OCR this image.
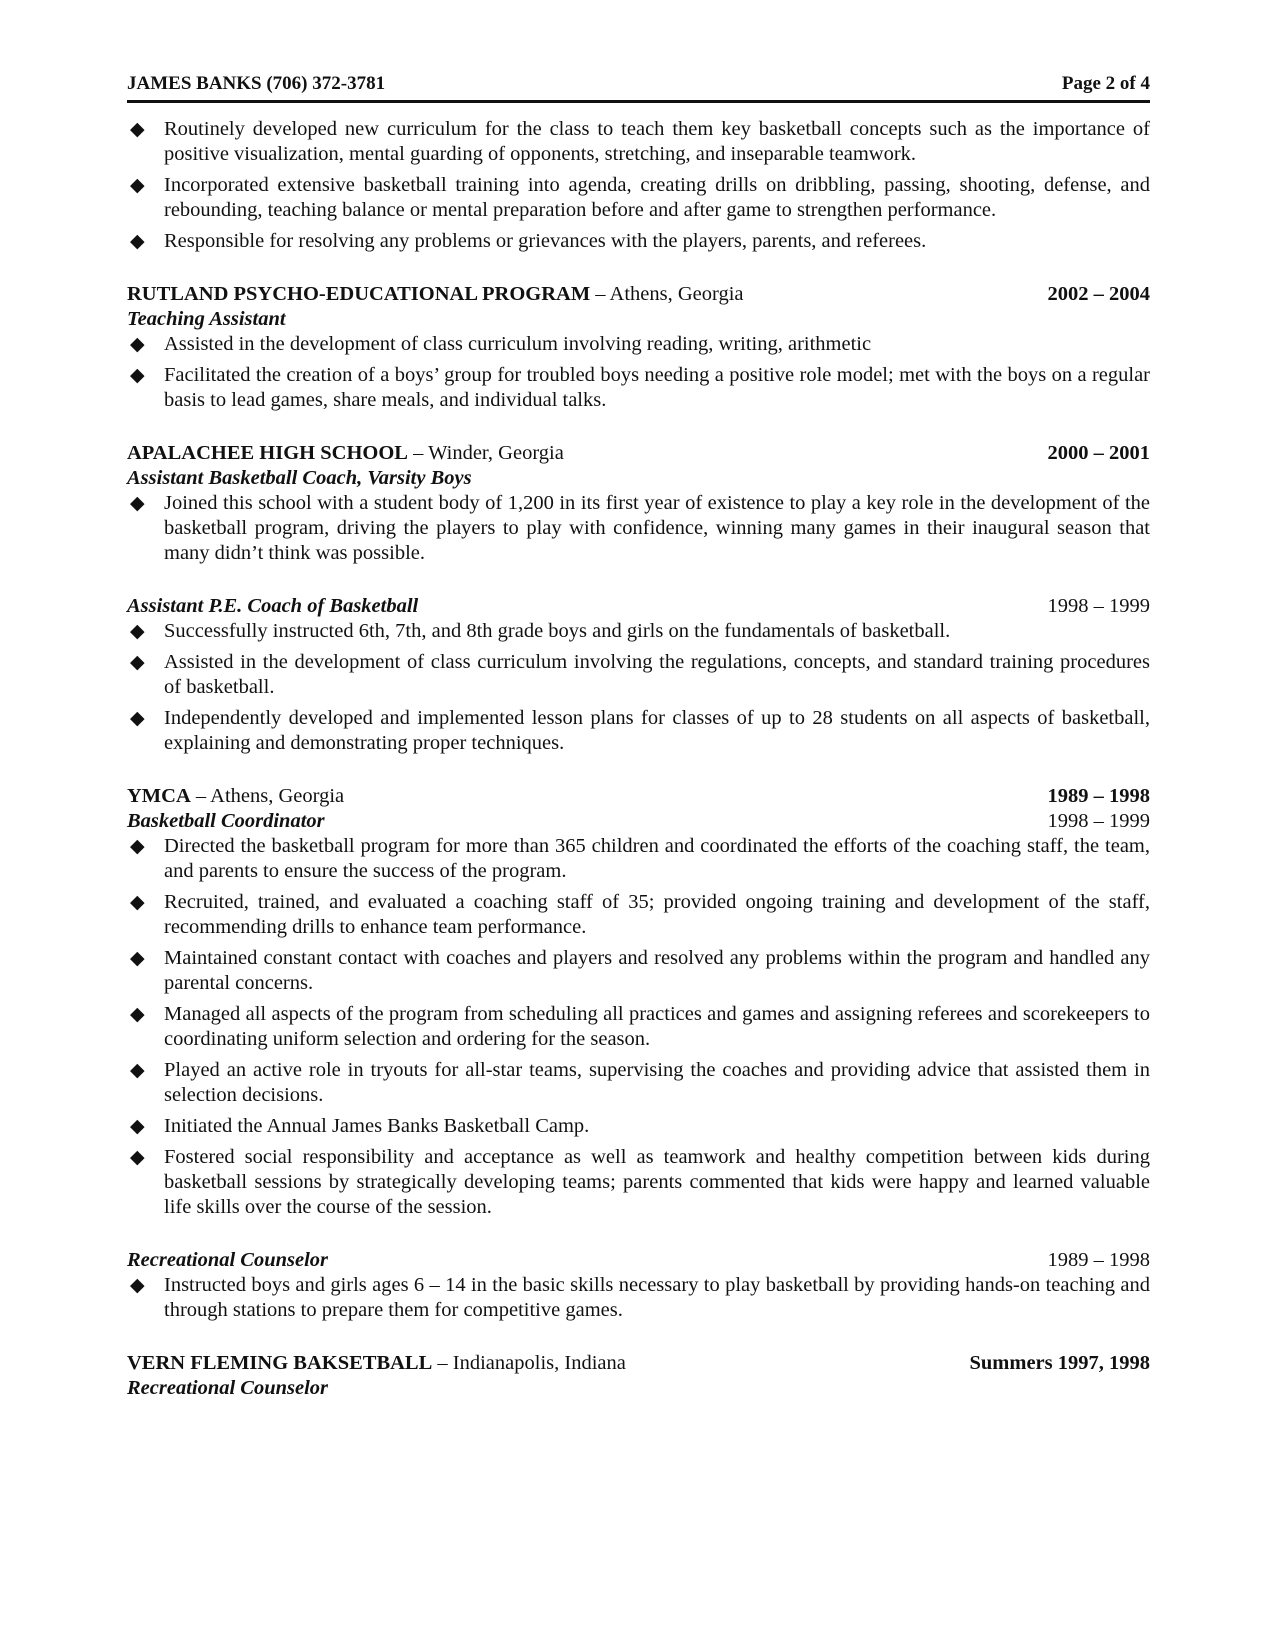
JAMES BANKS (706) 372-3781	Page 2 of 4
◆ Routinely developed new curriculum for the class to teach them key basketball concepts such as the importance of positive visualization, mental guarding of opponents, stretching, and inseparable teamwork.
◆ Incorporated extensive basketball training into agenda, creating drills on dribbling, passing, shooting, defense, and rebounding, teaching balance or mental preparation before and after game to strengthen performance.
◆ Responsible for resolving any problems or grievances with the players, parents, and referees.
RUTLAND PSYCHO-EDUCATIONAL PROGRAM – Athens, Georgia	2002 – 2004
Teaching Assistant
◆ Assisted in the development of class curriculum involving reading, writing, arithmetic
◆ Facilitated the creation of a boys’ group for troubled boys needing a positive role model; met with the boys on a regular basis to lead games, share meals, and individual talks.
APALACHEE HIGH SCHOOL – Winder, Georgia	2000 – 2001
Assistant Basketball Coach, Varsity Boys
◆ Joined this school with a student body of 1,200 in its first year of existence to play a key role in the development of the basketball program, driving the players to play with confidence, winning many games in their inaugural season that many didn’t think was possible.
Assistant P.E. Coach of Basketball	1998 – 1999
◆ Successfully instructed 6th, 7th, and 8th grade boys and girls on the fundamentals of basketball.
◆ Assisted in the development of class curriculum involving the regulations, concepts, and standard training procedures of basketball.
◆ Independently developed and implemented lesson plans for classes of up to 28 students on all aspects of basketball, explaining and demonstrating proper techniques.
YMCA – Athens, Georgia	1989 – 1998
Basketball Coordinator	1998 – 1999
◆ Directed the basketball program for more than 365 children and coordinated the efforts of the coaching staff, the team, and parents to ensure the success of the program.
◆ Recruited, trained, and evaluated a coaching staff of 35; provided ongoing training and development of the staff, recommending drills to enhance team performance.
◆ Maintained constant contact with coaches and players and resolved any problems within the program and handled any parental concerns.
◆ Managed all aspects of the program from scheduling all practices and games and assigning referees and scorekeepers to coordinating uniform selection and ordering for the season.
◆ Played an active role in tryouts for all-star teams, supervising the coaches and providing advice that assisted them in selection decisions.
◆ Initiated the Annual James Banks Basketball Camp.
◆ Fostered social responsibility and acceptance as well as teamwork and healthy competition between kids during basketball sessions by strategically developing teams; parents commented that kids were happy and learned valuable life skills over the course of the session.
Recreational Counselor	1989 – 1998
◆ Instructed boys and girls ages 6 – 14 in the basic skills necessary to play basketball by providing hands-on teaching and through stations to prepare them for competitive games.
VERN FLEMING BAKSETBALL – Indianapolis, Indiana	Summers 1997, 1998
Recreational Counselor
